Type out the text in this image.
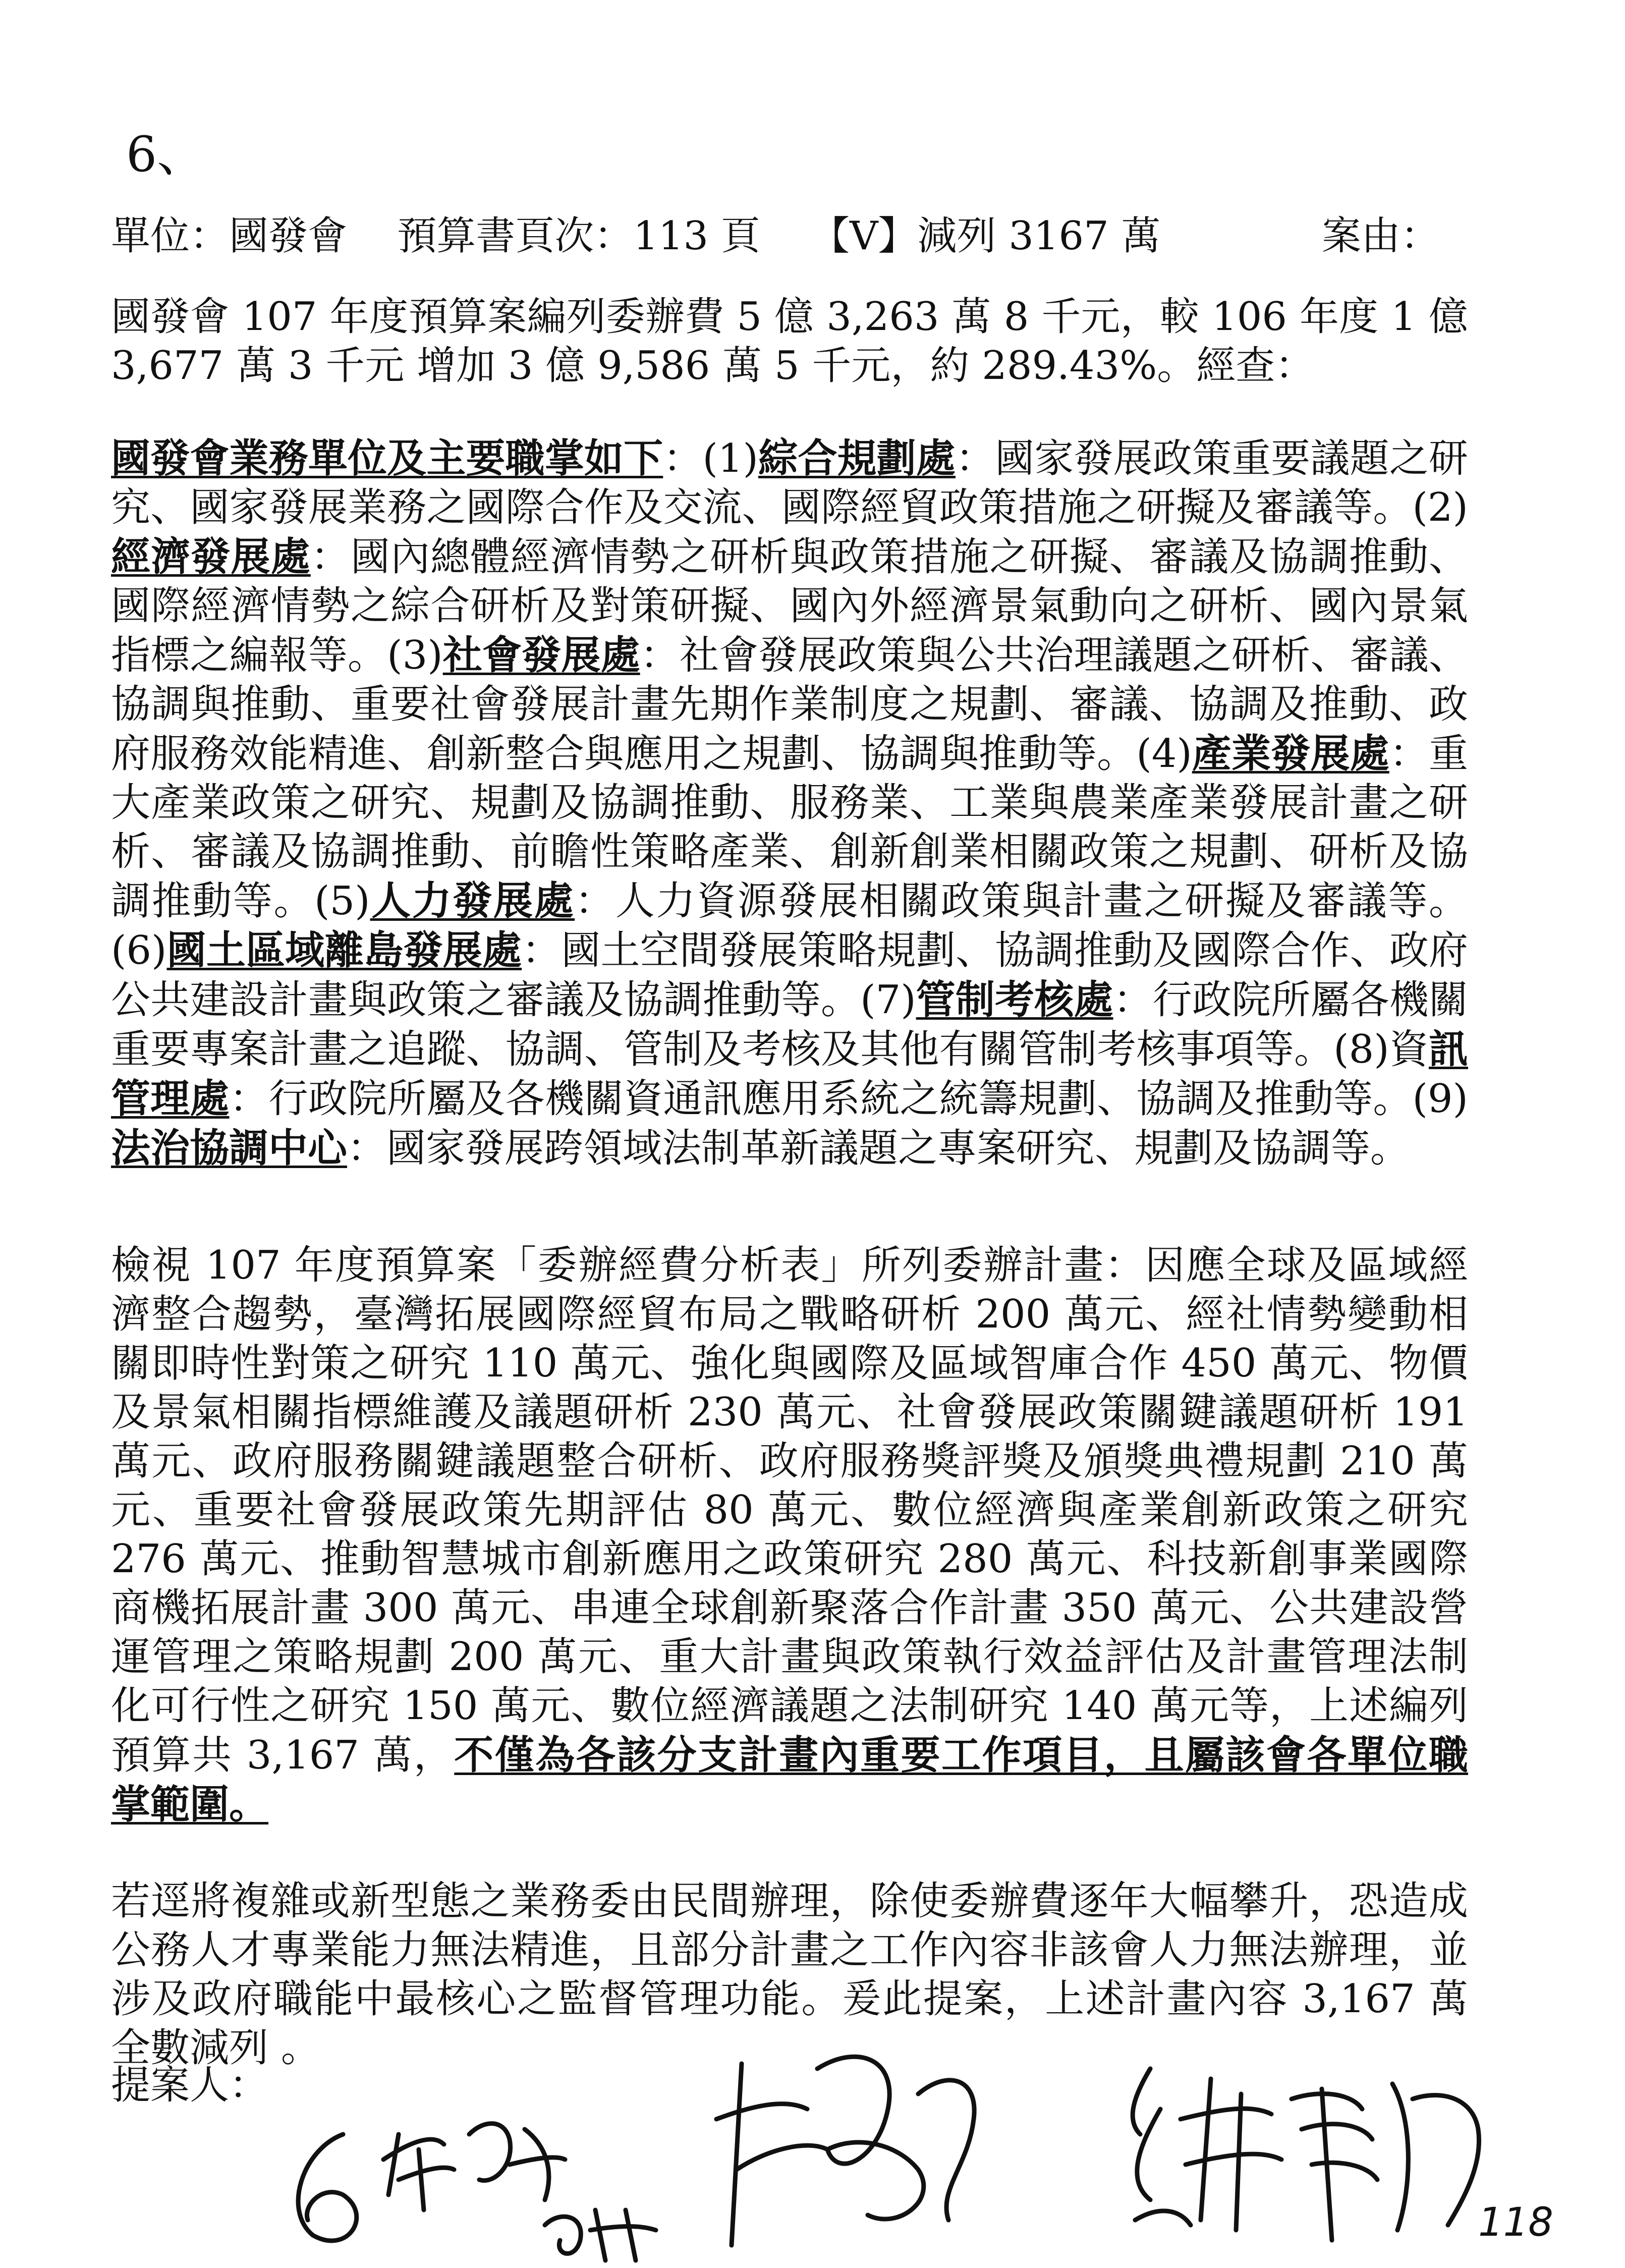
6、
單位：國發會 預算書頁次：113 頁 【V】減列 3167 萬	案由：
國發會 107 年度預算案編列委辦費 5 億 3,263 萬 8 千元，較 106 年度 1 億 3,677 萬 3 千元 增加 3 億 9,586 萬 5 千元，約 289.43%。經查：
國發會業務單位及主要職掌如下：(1)綜合規劃處：國家發展政策重要議題之研究、國家發展業務之國際合作及交流、國際經貿政策措施之研擬及審議等。(2)經濟發展處：國內總體經濟情勢之研析與政策措施之研擬、審議及協調推動、國際經濟情勢之綜合研析及對策研擬、國內外經濟景氣動向之研析、國內景氣指標之編報等。(3)社會發展處：社會發展政策與公共治理議題之研析、審議、協調與推動、重要社會發展計畫先期作業制度之規劃、審議、協調及推動、政府服務效能精進、創新整合與應用之規劃、協調與推動等。(4)產業發展處：重大產業政策之研究、規劃及協調推動、服務業、工業與農業產業發展計畫之研析、審議及協調推動、前瞻性策略產業、創新創業相關政策之規劃、研析及協調推動等。(5)人力發展處：人力資源發展相關政策與計畫之研擬及審議等。(6)國土區域離島發展處：國土空間發展策略規劃、協調推動及國際合作、政府公共建設計畫與政策之審議及協調推動等。(7)管制考核處：行政院所屬各機關重要專案計畫之追蹤、協調、管制及考核及其他有關管制考核事項等。(8)資訊管理處：行政院所屬及各機關資通訊應用系統之統籌規劃、協調及推動等。(9)法治協調中心：國家發展跨領域法制革新議題之專案研究、規劃及協調等。
檢視 107 年度預算案「委辦經費分析表」所列委辦計畫：因應全球及區域經濟整合趨勢，臺灣拓展國際經貿布局之戰略研析 200 萬元、經社情勢變動相關即時性對策之研究 110 萬元、強化與國際及區域智庫合作 450 萬元、物價及景氣相關指標維護及議題研析 230 萬元、社會發展政策關鍵議題研析 191 萬元、政府服務關鍵議題整合研析、政府服務獎評獎及頒獎典禮規劃 210 萬元、重要社會發展政策先期評估 80 萬元、數位經濟與產業創新政策之研究 276 萬元、推動智慧城市創新應用之政策研究 280 萬元、科技新創事業國際商機拓展計畫 300 萬元、串連全球創新聚落合作計畫 350 萬元、公共建設營運管理之策略規劃 200 萬元、重大計畫與政策執行效益評估及計畫管理法制化可行性之研究 150 萬元、數位經濟議題之法制研究 140 萬元等，上述編列預算共 3,167 萬，不僅為各該分支計畫內重要工作項目，且屬該會各單位職掌範圍。
若逕將複雜或新型態之業務委由民間辦理，除使委辦費逐年大幅攀升，恐造成公務人才專業能力無法精進，且部分計畫之工作內容非該會人力無法辦理，並涉及政府職能中最核心之監督管理功能。爰此提案，上述計畫內容 3,167 萬全數減列 。
提案人：
118
